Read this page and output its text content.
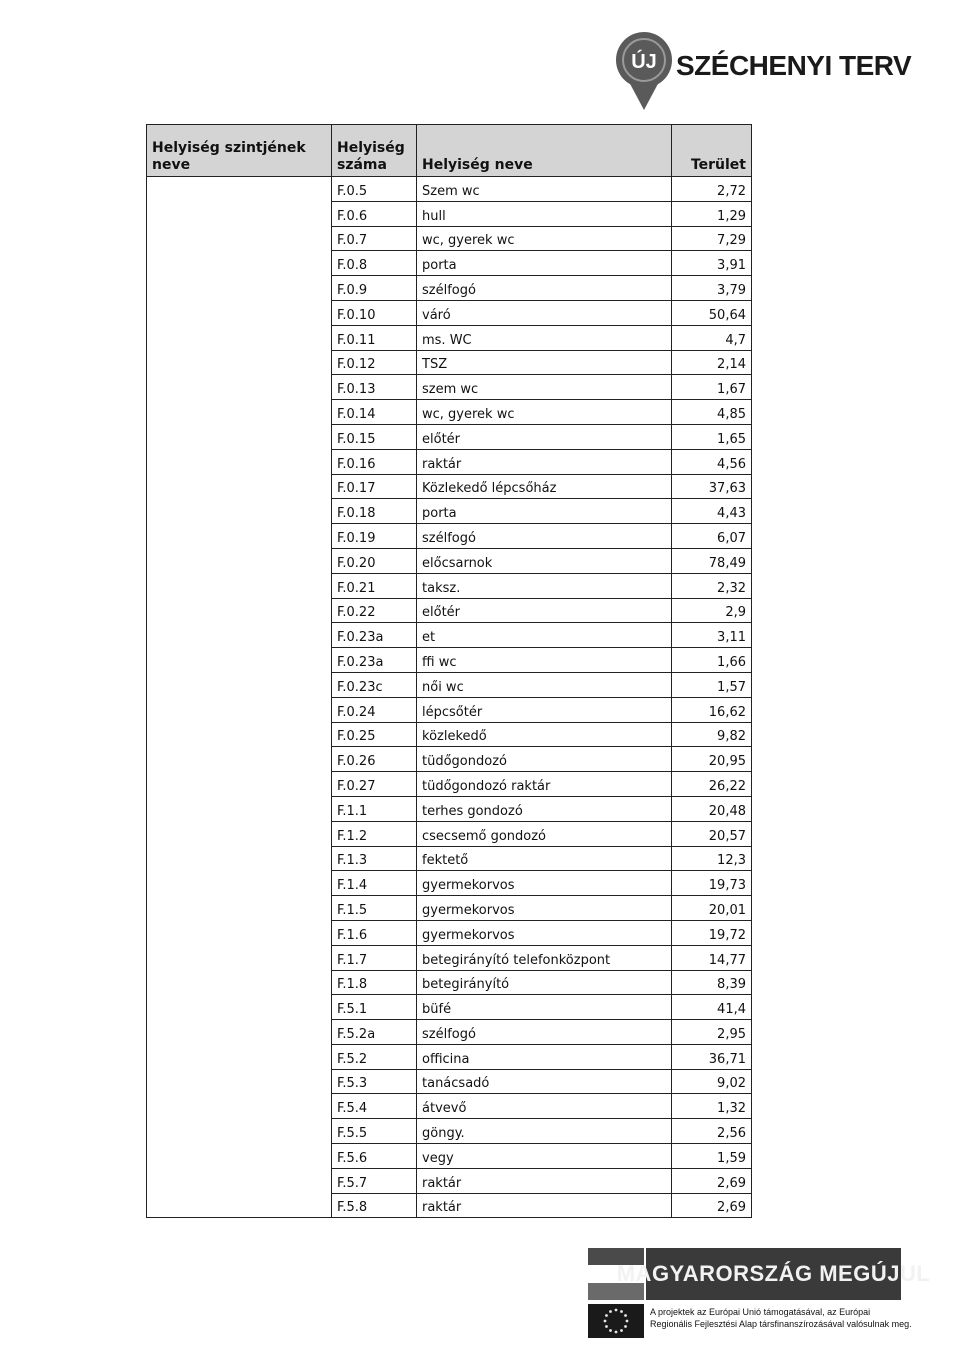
ÚJ SZÉCHENYI TERV
Helyiség szintjének neve	Helyiség száma	Helyiség neve	Terület
	F.0.5	Szem wc	2,72
	F.0.6	hull	1,29
	F.0.7	wc, gyerek wc	7,29
	F.0.8	porta	3,91
	F.0.9	szélfogó	3,79
	F.0.10	váró	50,64
	F.0.11	ms. WC	4,7
	F.0.12	TSZ	2,14
	F.0.13	szem wc	1,67
	F.0.14	wc, gyerek wc	4,85
	F.0.15	előtér	1,65
	F.0.16	raktár	4,56
	F.0.17	Közlekedő lépcsőház	37,63
	F.0.18	porta	4,43
	F.0.19	szélfogó	6,07
	F.0.20	előcsarnok	78,49
	F.0.21	taksz.	2,32
	F.0.22	előtér	2,9
	F.0.23a	et	3,11
	F.0.23a	ffi wc	1,66
	F.0.23c	női wc	1,57
	F.0.24	lépcsőtér	16,62
	F.0.25	közlekedő	9,82
	F.0.26	tüdőgondozó	20,95
	F.0.27	tüdőgondozó raktár	26,22
	F.1.1	terhes gondozó	20,48
	F.1.2	csecsemő gondozó	20,57
	F.1.3	fektető	12,3
	F.1.4	gyermekorvos	19,73
	F.1.5	gyermekorvos	20,01
	F.1.6	gyermekorvos	19,72
	F.1.7	betegirányító telefonközpont	14,77
	F.1.8	betegirányító	8,39
	F.5.1	büfé	41,4
	F.5.2a	szélfogó	2,95
	F.5.2	officina	36,71
	F.5.3	tanácsadó	9,02
	F.5.4	átvevő	1,32
	F.5.5	göngy.	2,56
	F.5.6	vegy	1,59
	F.5.7	raktár	2,69
	F.5.8	raktár	2,69
MAGYARORSZÁG MEGÚJUL
A projektek az Európai Unió támogatásával, az Európai
Regionális Fejlesztési Alap társfinanszírozásával valósulnak meg.
